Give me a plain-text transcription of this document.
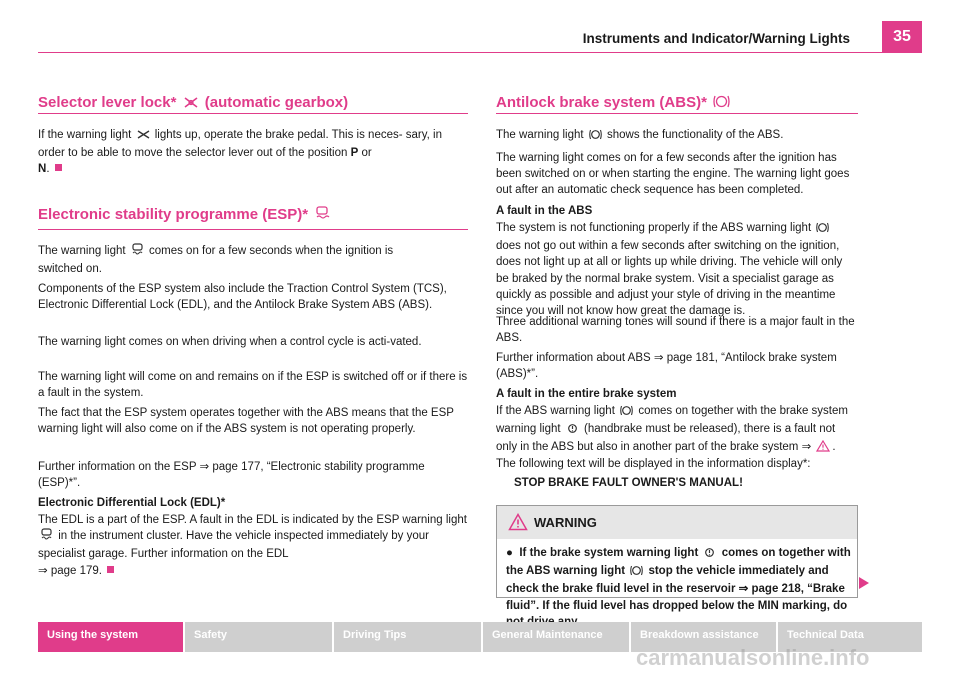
Instruments and Indicator/Warning Lights	35
Selector lever lock* (automatic gearbox)

If the warning light lights up, operate the brake pedal. This is neces- sary, in order to be able to move the selector lever out of the position P or
N.

Electronic stability programme (ESP)*

The warning light comes on for a few seconds when the ignition is
switched on.

Components of the ESP system also include the Traction Control System (TCS), Electronic Differential Lock (EDL), and the Antilock Brake System ABS (ABS).

The warning light comes on when driving when a control cycle is acti-vated.

The warning light will come on and remains on if the ESP is switched off or if there is a fault in the system.

The fact that the ESP system operates together with the ABS means that the ESP warning light will also come on if the ABS system is not operating properly.

Further information on the ESP ⇒ page 177, “Electronic stability programme (ESP)*”.

Electronic Differential Lock (EDL)*

The EDL is a part of the ESP. A fault in the EDL is indicated by the ESP warning light  in the instrument cluster. Have the vehicle inspected immediately by your specialist garage. Further information on the EDL
⇒ page 179.

Antilock brake system (ABS)*

The warning light shows the functionality of the ABS.

The warning light comes on for a few seconds after the ignition has been switched on or when starting the engine. The warning light goes out after an automatic check sequence has been completed.

A fault in the ABS

The system is not functioning properly if the ABS warning light  does not go out within a few seconds after switching on the ignition, does not light up at all or lights up while driving. The vehicle will only be braked by the normal brake system. Visit a specialist garage as quickly as possible and adjust your style of driving in the meantime since you will not know how great the damage is.

Three additional warning tones will sound if there is a major fault in the ABS.

Further information about ABS ⇒ page 181, “Antilock brake system (ABS)*”.

A fault in the entire brake system

If the ABS warning light comes on together with the brake system warning light (handbrake must be released), there is a fault not only in the ABS but also in another part of the brake system ⇒ .

The following text will be displayed in the information display*:

STOP BRAKE FAULT OWNER'S MANUAL!

WARNING

● If the brake system warning light comes on together with the ABS warning light stop the vehicle immediately and check the brake fluid level in the reservoir ⇒ page 218, “Brake fluid”. If the fluid level has dropped below the MIN marking, do

Using the system	Safety	Driving Tips	General Maintenance	Breakdown assistance	Technical Data
carmanualsonline.info
